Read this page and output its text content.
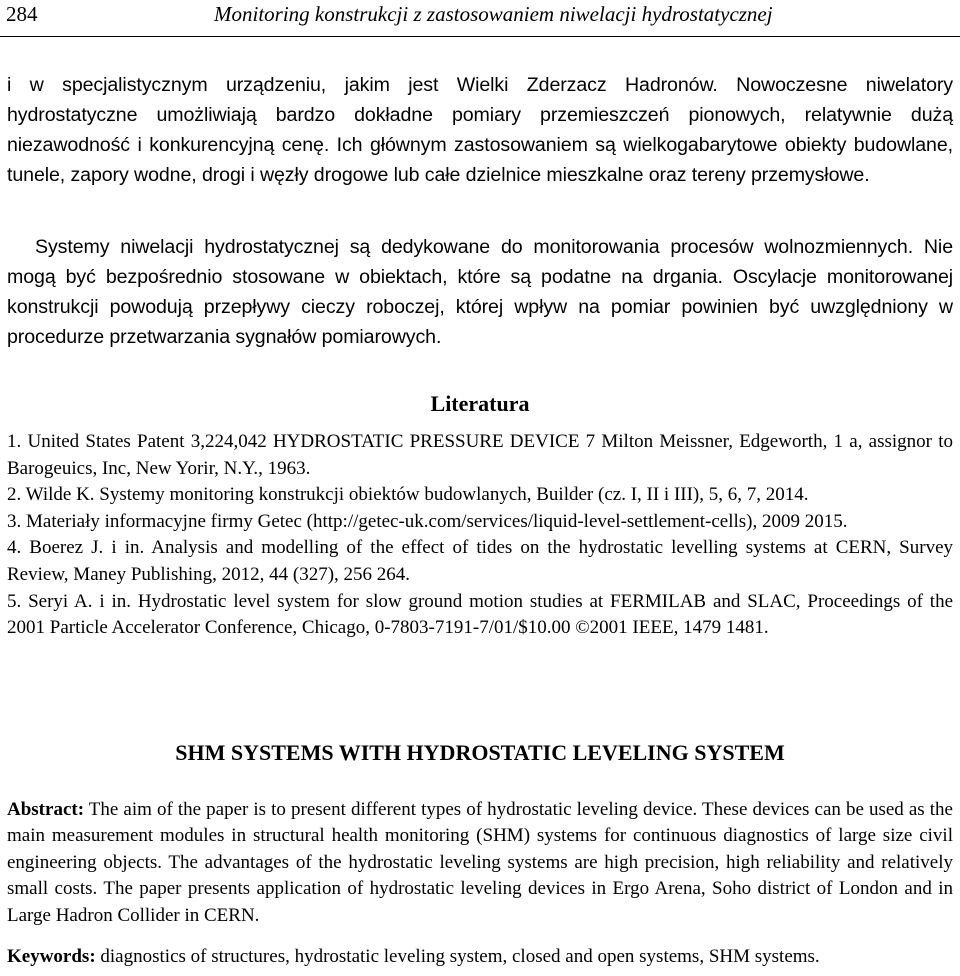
284	Monitoring konstrukcji z zastosowaniem niwelacji hydrostatycznej

i w specjalistycznym urządzeniu, jakim jest Wielki Zderzacz Hadronów. Nowoczesne niwelatory hydrostatyczne umożliwiają bardzo dokładne pomiary przemieszczeń pionowych, relatywnie dużą niezawodność i konkurencyjną cenę. Ich głównym zastosowaniem są wielkogabarytowe obiekty budowlane, tunele, zapory wodne, drogi i węzły drogowe lub całe dzielnice mieszkalne oraz tereny przemysłowe.

Systemy niwelacji hydrostatycznej są dedykowane do monitorowania procesów wolnozmiennych. Nie mogą być bezpośrednio stosowane w obiektach, które są podatne na drgania. Oscylacje monitorowanej konstrukcji powodują przepływy cieczy roboczej, której wpływ na pomiar powinien być uwzględniony w procedurze przetwarzania sygnałów pomiarowych.

Literatura
1. United States Patent 3,224,042 HYDROSTATIC PRESSURE DEVICE 7 Milton Meissner, Edgeworth, 1 a, assignor to Barogeuics, Inc, New Yorir, N.Y., 1963.
2. Wilde K. Systemy monitoring konstrukcji obiektów budowlanych, Builder (cz. I, II i III), 5, 6, 7, 2014.
3. Materiały informacyjne firmy Getec (http://getec-uk.com/services/liquid-level-settlement-cells), 2009 2015.
4. Boerez J. i in. Analysis and modelling of the effect of tides on the hydrostatic levelling systems at CERN, Survey Review, Maney Publishing, 2012, 44 (327), 256 264.
5. Seryi A. i in. Hydrostatic level system for slow ground motion studies at FERMILAB and SLAC, Proceedings of the 2001 Particle Accelerator Conference, Chicago, 0-7803-7191-7/01/$10.00 ©2001 IEEE, 1479 1481.
SHM SYSTEMS WITH HYDROSTATIC LEVELING SYSTEM

Abstract: The aim of the paper is to present different types of hydrostatic leveling device. These devices can be used as the main measurement modules in structural health monitoring (SHM) systems for continuous diagnostics of large size civil engineering objects. The advantages of the hydrostatic leveling systems are high precision, high reliability and relatively small costs. The paper presents application of hydrostatic leveling devices in Ergo Arena, Soho district of London and in Large Hadron Collider in CERN.

Keywords: diagnostics of structures, hydrostatic leveling system, closed and open systems, SHM systems.
